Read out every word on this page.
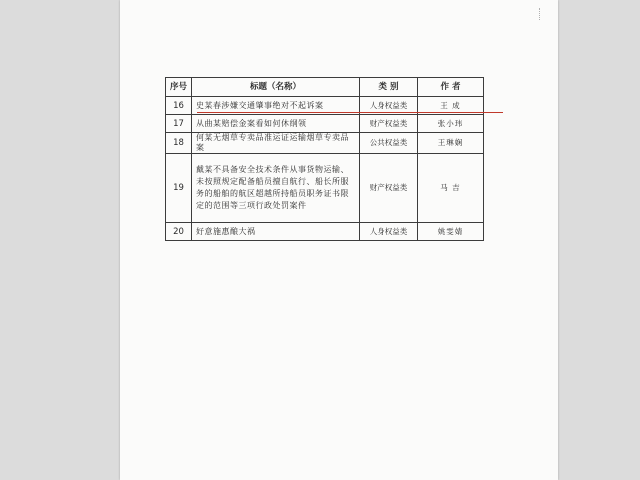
序号	标题（名称）	类 别	作 者
16	史某春涉嫌交通肇事绝对不起诉案	人身权益类	王 成
17	从曲某赔偿金案看如何休纲领	财产权益类	张小玮
18	何某无烟草专卖品准运证运输烟草专卖品案	公共权益类	王琳娴
19	戴某不具备安全技术条件从事货物运输、未按照规定配备船员擅自航行、船长所服务的船舶的航区超越所持船员职务证书限定的范围等三项行政处罚案件	财产权益类	马 吉
20	好意施惠酿大祸	人身权益类	姚雯婧
